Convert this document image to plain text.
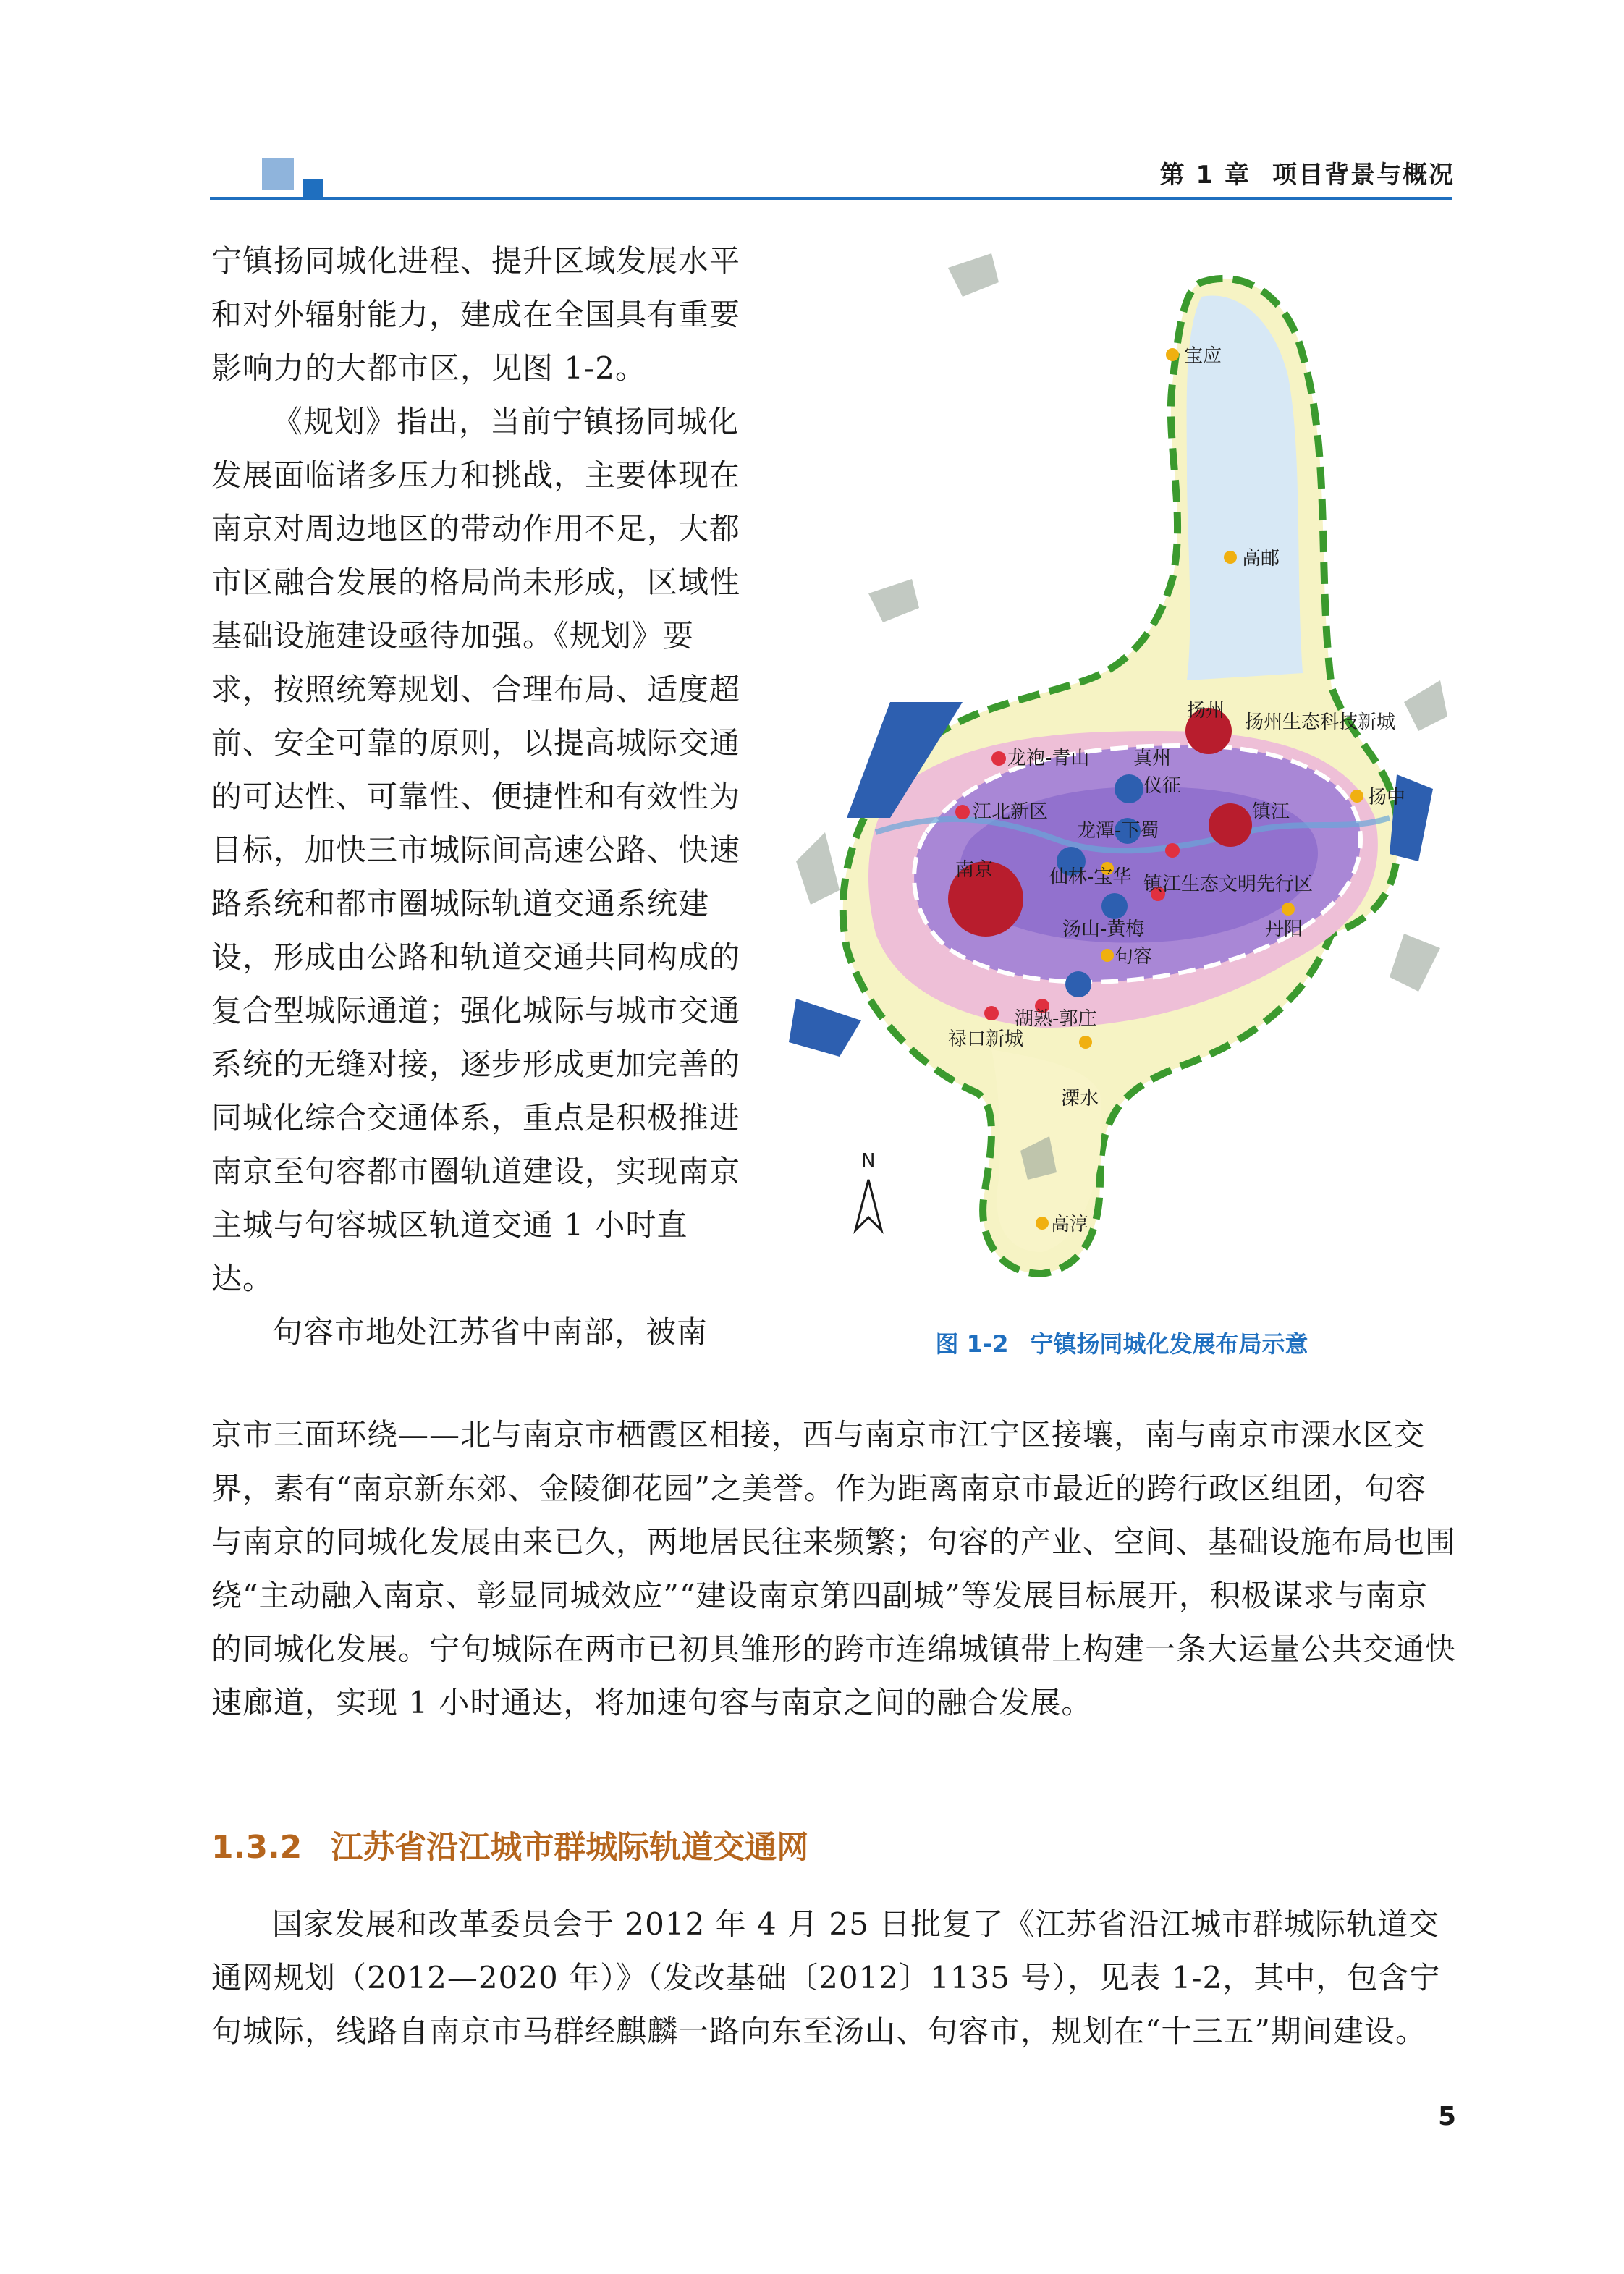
第 1 章 项目背景与概况

宁镇扬同城化进程、提升区域发展水平和对外辐射能力，建成在全国具有重要影响力的大都市区，见图 1-2。

《规划》指出，当前宁镇扬同城化发展面临诸多压力和挑战，主要体现在南京对周边地区的带动作用不足，大都市区融合发展的格局尚未形成，区域性基础设施建设亟待加强。《规划》要求，按照统筹规划、合理布局、适度超前、安全可靠的原则，以提高城际交通的可达性、可靠性、便捷性和有效性为目标，加快三市城际间高速公路、快速路系统和都市圈城际轨道交通系统建设，形成由公路和轨道交通共同构成的复合型城际通道；强化城际与城市交通系统的无缝对接，逐步形成更加完善的同城化综合交通体系，重点是积极推进南京至句容都市圈轨道建设，实现南京主城与句容城区轨道交通 1 小时直达。

句容市地处江苏省中南部，被南

宝应
高邮
扬州
扬州生态科技新城
龙袍-青山 真州
仪征
江北新区
龙潭-下蜀
镇江
扬中
南京	仙林-宝华 镇江生态文明先行区
汤山-黄梅	丹阳
句容
湖熟-郭庄
禄口新城
溧水
高淳
N
图 1-2 宁镇扬同城化发展布局示意

京市三面环绕——北与南京市栖霞区相接，西与南京市江宁区接壤，南与南京市溧水区交界，素有“南京新东郊、金陵御花园”之美誉。作为距离南京市最近的跨行政区组团，句容与南京的同城化发展由来已久，两地居民往来频繁；句容的产业、空间、基础设施布局也围绕“主动融入南京、彰显同城效应”“建设南京第四副城”等发展目标展开，积极谋求与南京的同城化发展。宁句城际在两市已初具雏形的跨市连绵城镇带上构建一条大运量公共交通快速廊道，实现 1 小时通达，将加速句容与南京之间的融合发展。

1.3.2 江苏省沿江城市群城际轨道交通网

国家发展和改革委员会于 2012 年 4 月 25 日批复了《江苏省沿江城市群城际轨道交通网规划（2012—2020 年）》（发改基础〔2012〕1135 号），见表 1-2，其中，包含宁句城际，线路自南京市马群经麒麟一路向东至汤山、句容市，规划在“十三五”期间建设。

5
